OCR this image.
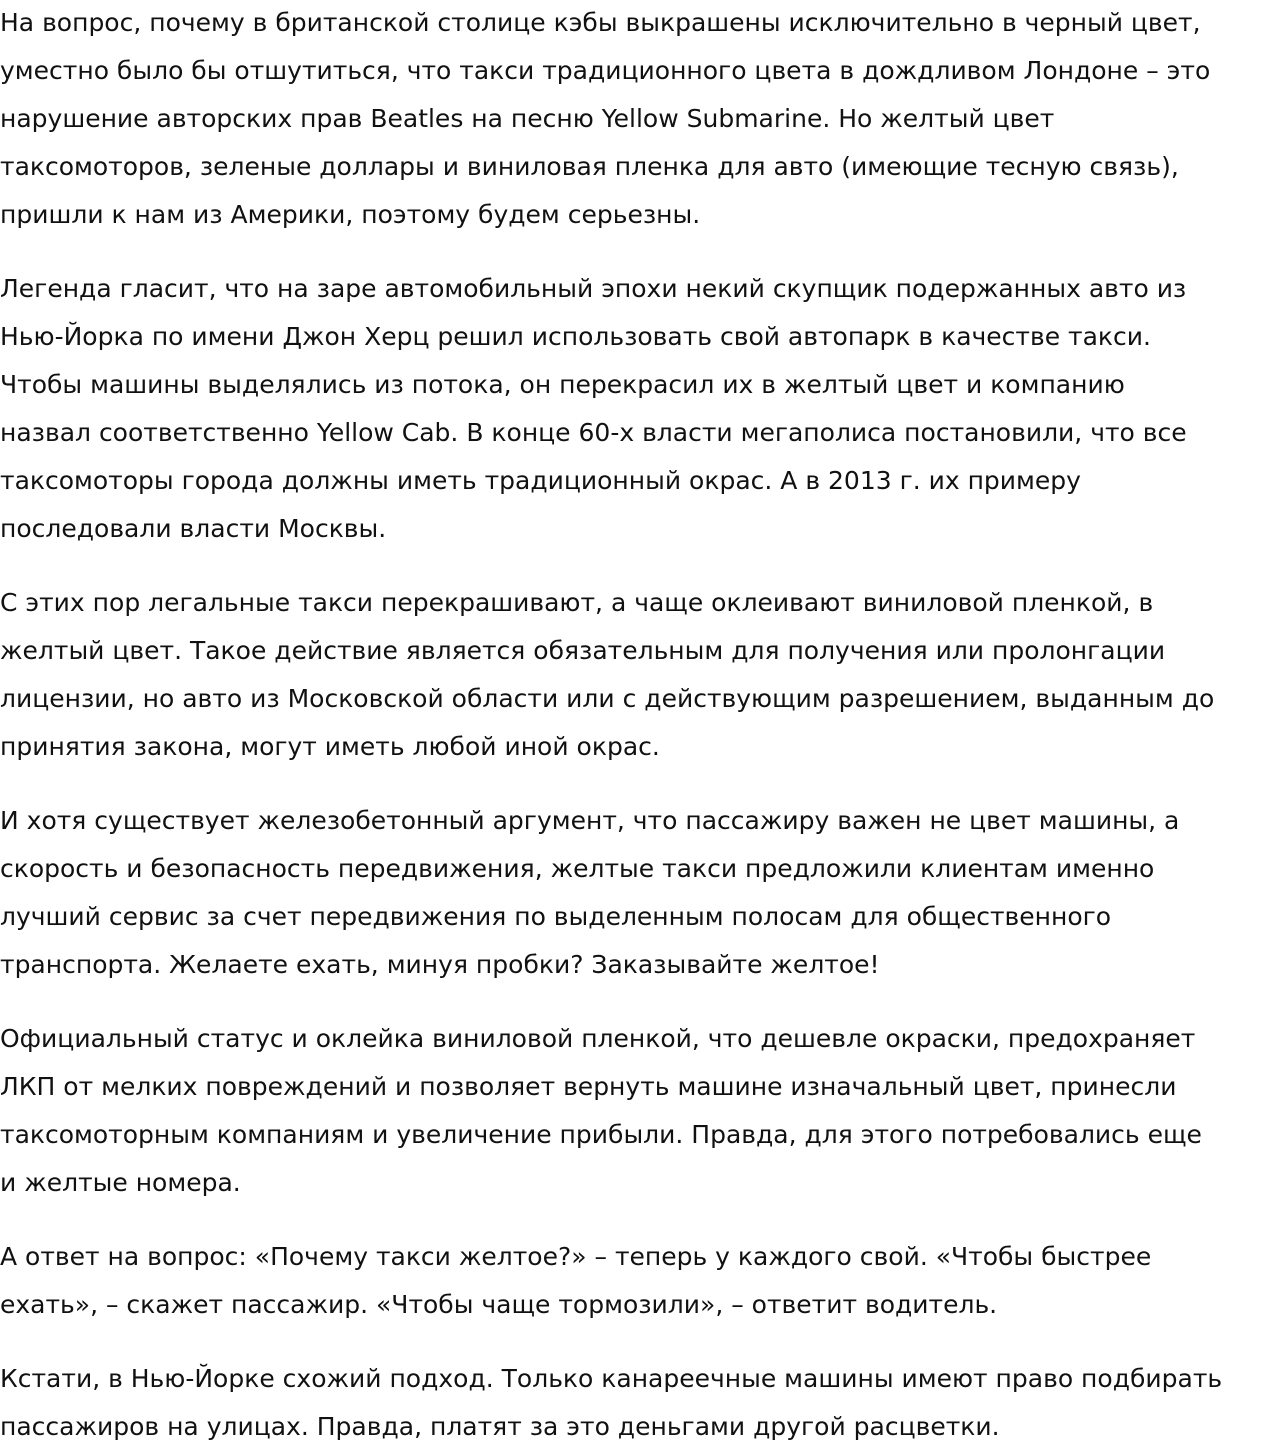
На вопрос, почему в британской столице кэбы выкрашены исключительно в черный цвет,
уместно было бы отшутиться, что такси традиционного цвета в дождливом Лондоне – это
нарушение авторских прав Beatles на песню Yellow Submarine. Но желтый цвет
таксомоторов, зеленые доллары и виниловая пленка для авто (имеющие тесную связь),
пришли к нам из Америки, поэтому будем серьезны.

Легенда гласит, что на заре автомобильный эпохи некий скупщик подержанных авто из
Нью-Йорка по имени Джон Херц решил использовать свой автопарк в качестве такси.
Чтобы машины выделялись из потока, он перекрасил их в желтый цвет и компанию
назвал соответственно Yellow Cab. В конце 60-х власти мегаполиса постановили, что все
таксомоторы города должны иметь традиционный окрас. А в 2013 г. их примеру
последовали власти Москвы.

С этих пор легальные такси перекрашивают, а чаще оклеивают виниловой пленкой, в
желтый цвет. Такое действие является обязательным для получения или пролонгации
лицензии, но авто из Московской области или с действующим разрешением, выданным до
принятия закона, могут иметь любой иной окрас.

И хотя существует железобетонный аргумент, что пассажиру важен не цвет машины, а
скорость и безопасность передвижения, желтые такси предложили клиентам именно
лучший сервис за счет передвижения по выделенным полосам для общественного
транспорта. Желаете ехать, минуя пробки? Заказывайте желтое!

Официальный статус и оклейка виниловой пленкой, что дешевле окраски, предохраняет
ЛКП от мелких повреждений и позволяет вернуть машине изначальный цвет, принесли
таксомоторным компаниям и увеличение прибыли. Правда, для этого потребовались еще
и желтые номера.

А ответ на вопрос: «Почему такси желтое?» – теперь у каждого свой. «Чтобы быстрее
ехать», – скажет пассажир. «Чтобы чаще тормозили», – ответит водитель.

Кстати, в Нью-Йорке схожий подход. Только канареечные машины имеют право подбирать
пассажиров на улицах. Правда, платят за это деньгами другой расцветки.
